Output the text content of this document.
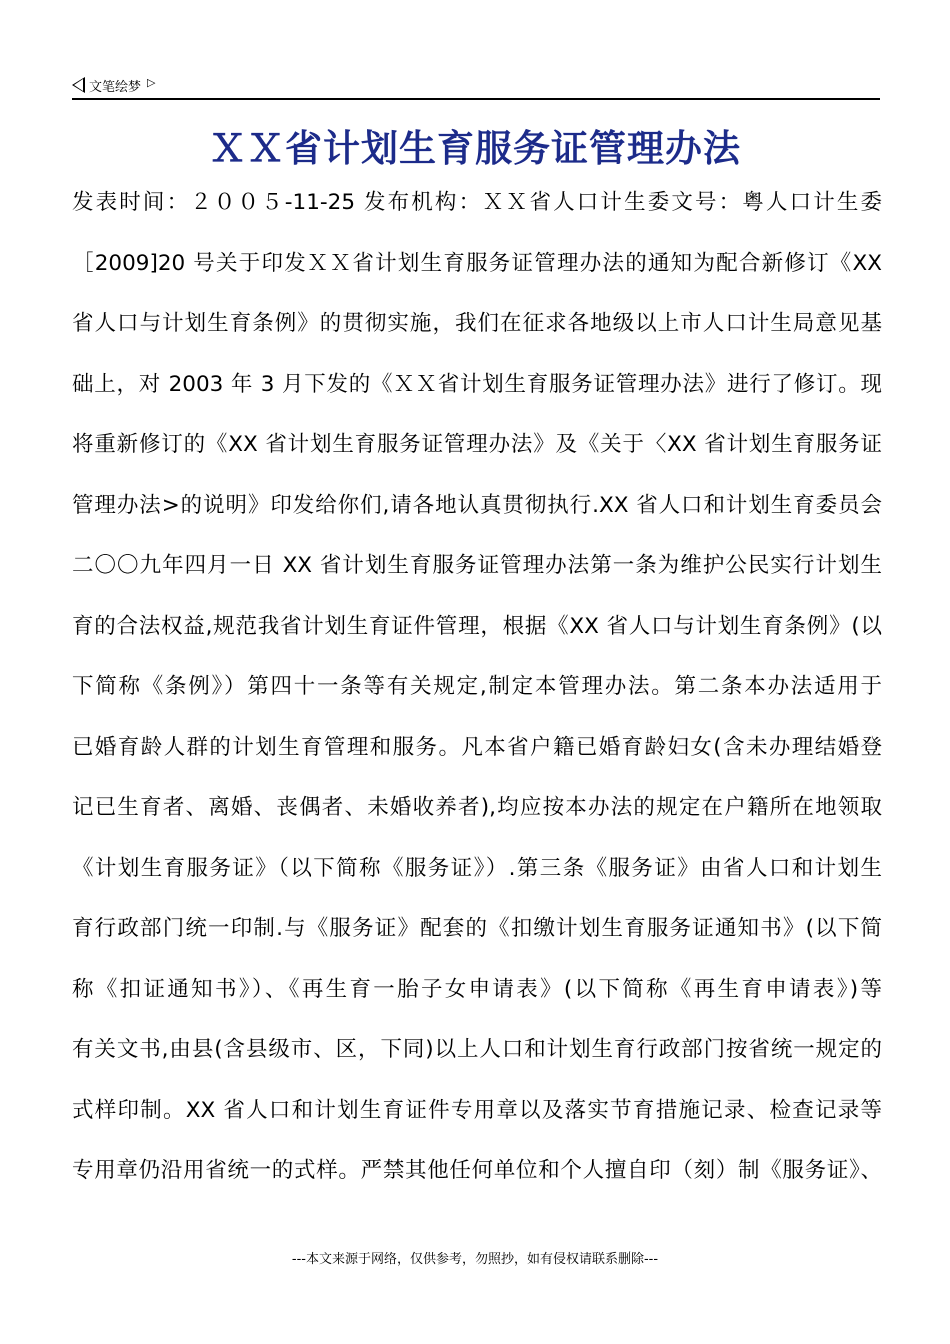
文笔绘梦 ▷
ＸＸ省计划生育服务证管理办法
发表时间：２００５-11-25 发布机构：ＸＸ省人口计生委文号：粤人口计生委
［2009]20 号关于印发ＸＸ省计划生育服务证管理办法的通知为配合新修订《XX
省人口与计划生育条例》的贯彻实施，我们在征求各地级以上市人口计生局意见基
础上，对 2003 年 3 月下发的《ＸＸ省计划生育服务证管理办法》进行了修订。现
将重新修订的《XX 省计划生育服务证管理办法》及《关于〈XX 省计划生育服务证
管理办法>的说明》印发给你们,请各地认真贯彻执行.XX 省人口和计划生育委员会
二〇〇九年四月一日 XX 省计划生育服务证管理办法第一条为维护公民实行计划生
育的合法权益,规范我省计划生育证件管理，根据《XX 省人口与计划生育条例》(以
下简称《条例》）第四十一条等有关规定,制定本管理办法。第二条本办法适用于
已婚育龄人群的计划生育管理和服务。凡本省户籍已婚育龄妇女(含未办理结婚登
记已生育者、离婚、丧偶者、未婚收养者),均应按本办法的规定在户籍所在地领取
《计划生育服务证》（以下简称《服务证》）.第三条《服务证》由省人口和计划生
育行政部门统一印制.与《服务证》配套的《扣缴计划生育服务证通知书》(以下简
称《扣证通知书》）、《再生育一胎子女申请表》(以下简称《再生育申请表》)等
有关文书,由县(含县级市、区，下同)以上人口和计划生育行政部门按省统一规定的
式样印制。XX 省人口和计划生育证件专用章以及落实节育措施记录、检查记录等
专用章仍沿用省统一的式样。严禁其他任何单位和个人擅自印（刻）制《服务证》、
---本文来源于网络，仅供参考，勿照抄，如有侵权请联系删除---
